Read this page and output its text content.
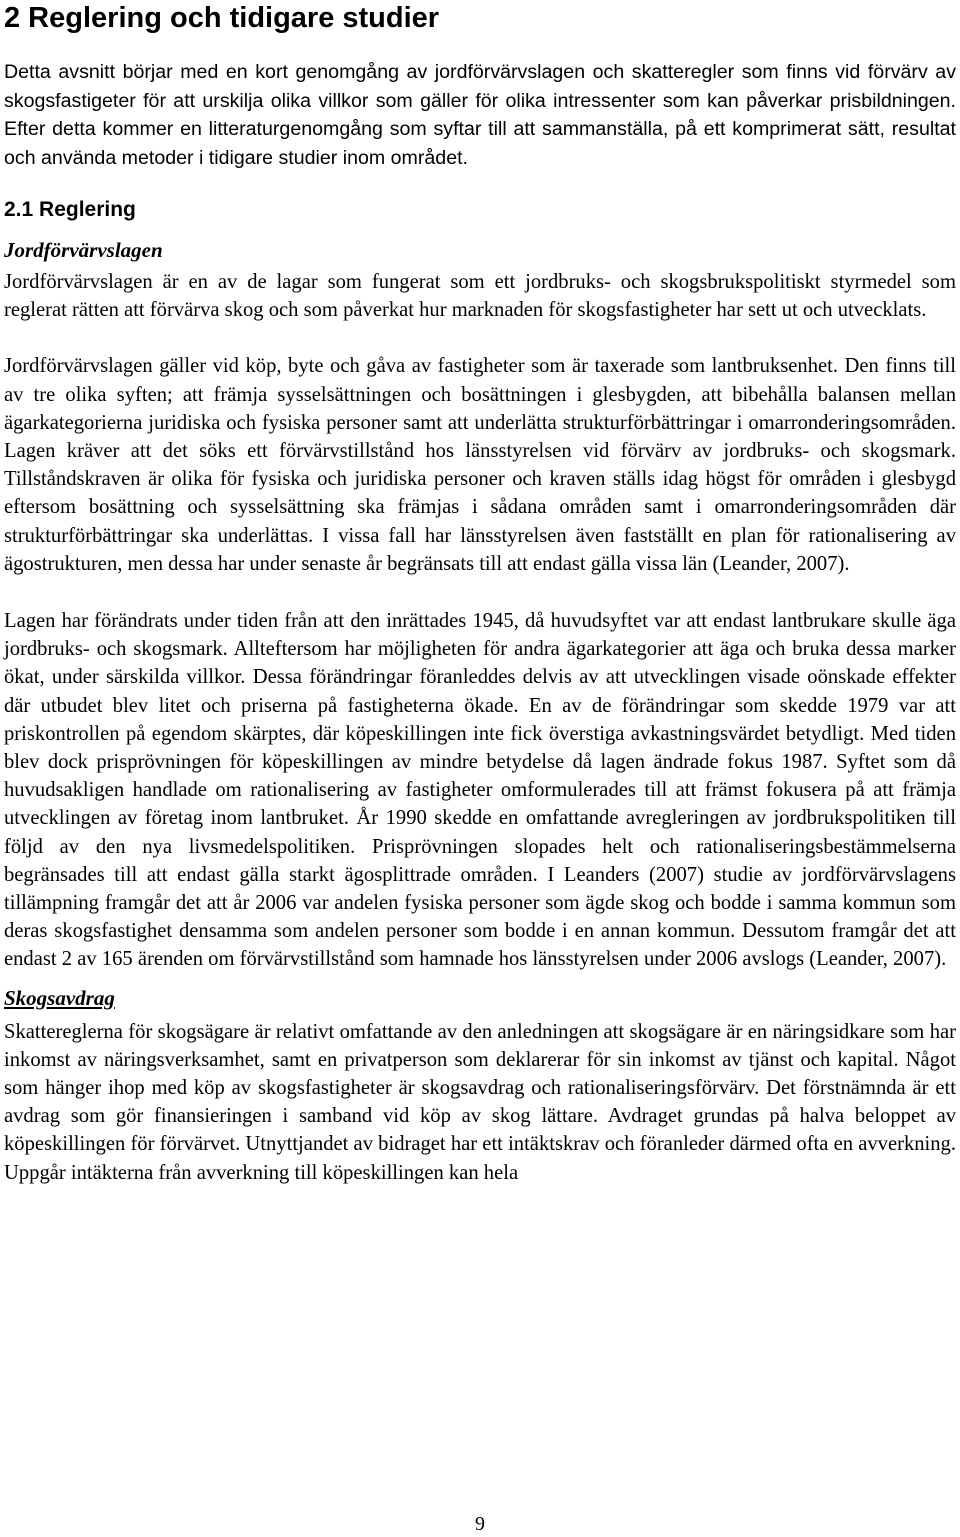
2 Reglering och tidigare studier

Detta avsnitt börjar med en kort genomgång av jordförvärvslagen och skatteregler som finns vid förvärv av skogsfastigeter för att urskilja olika villkor som gäller för olika intressenter som kan påverkar prisbildningen. Efter detta kommer en litteraturgenomgång som syftar till att sammanställa, på ett komprimerat sätt, resultat och använda metoder i tidigare studier inom området.

2.1 Reglering
Jordförvärvslagen

Jordförvärvslagen är en av de lagar som fungerat som ett jordbruks- och skogsbrukspolitiskt styrmedel som reglerat rätten att förvärva skog och som påverkat hur marknaden för skogsfastigheter har sett ut och utvecklats.

Jordförvärvslagen gäller vid köp, byte och gåva av fastigheter som är taxerade som lantbruksenhet. Den finns till av tre olika syften; att främja sysselsättningen och bosättningen i glesbygden, att bibehålla balansen mellan ägarkategorierna juridiska och fysiska personer samt att underlätta strukturförbättringar i omarronderingsområden. Lagen kräver att det söks ett förvärvstillstånd hos länsstyrelsen vid förvärv av jordbruks- och skogsmark. Tillståndskraven är olika för fysiska och juridiska personer och kraven ställs idag högst för områden i glesbygd eftersom bosättning och sysselsättning ska främjas i sådana områden samt i omarronderingsområden där strukturförbättringar ska underlättas. I vissa fall har länsstyrelsen även fastställt en plan för rationalisering av ägostrukturen, men dessa har under senaste år begränsats till att endast gälla vissa län (Leander, 2007).

Lagen har förändrats under tiden från att den inrättades 1945, då huvudsyftet var att endast lantbrukare skulle äga jordbruks- och skogsmark. Allteftersom har möjligheten för andra ägarkategorier att äga och bruka dessa marker ökat, under särskilda villkor. Dessa förändringar föranleddes delvis av att utvecklingen visade oönskade effekter där utbudet blev litet och priserna på fastigheterna ökade. En av de förändringar som skedde 1979 var att priskontrollen på egendom skärptes, där köpeskillingen inte fick överstiga avkastningsvärdet betydligt. Med tiden blev dock prisprövningen för köpeskillingen av mindre betydelse då lagen ändrade fokus 1987. Syftet som då huvudsakligen handlade om rationalisering av fastigheter omformulerades till att främst fokusera på att främja utvecklingen av företag inom lantbruket. År 1990 skedde en omfattande avregleringen av jordbrukspolitiken till följd av den nya livsmedelspolitiken. Prisprövningen slopades helt och rationaliseringsbestämmelserna begränsades till att endast gälla starkt ägosplittrade områden. I Leanders (2007) studie av jordförvärvslagens tillämpning framgår det att år 2006 var andelen fysiska personer som ägde skog och bodde i samma kommun som deras skogsfastighet densamma som andelen personer som bodde i en annan kommun. Dessutom framgår det att endast 2 av 165 ärenden om förvärvstillstånd som hamnade hos länsstyrelsen under 2006 avslogs (Leander, 2007).

Skogsavdrag

Skattereglerna för skogsägare är relativt omfattande av den anledningen att skogsägare är en näringsidkare som har inkomst av näringsverksamhet, samt en privatperson som deklarerar för sin inkomst av tjänst och kapital. Något som hänger ihop med köp av skogsfastigheter är skogsavdrag och rationaliseringsförvärv. Det förstnämnda är ett avdrag som gör finansieringen i samband vid köp av skog lättare. Avdraget grundas på halva beloppet av köpeskillingen för förvärvet. Utnyttjandet av bidraget har ett intäktskrav och föranleder därmed ofta en avverkning. Uppgår intäkterna från avverkning till köpeskillingen kan hela

9
